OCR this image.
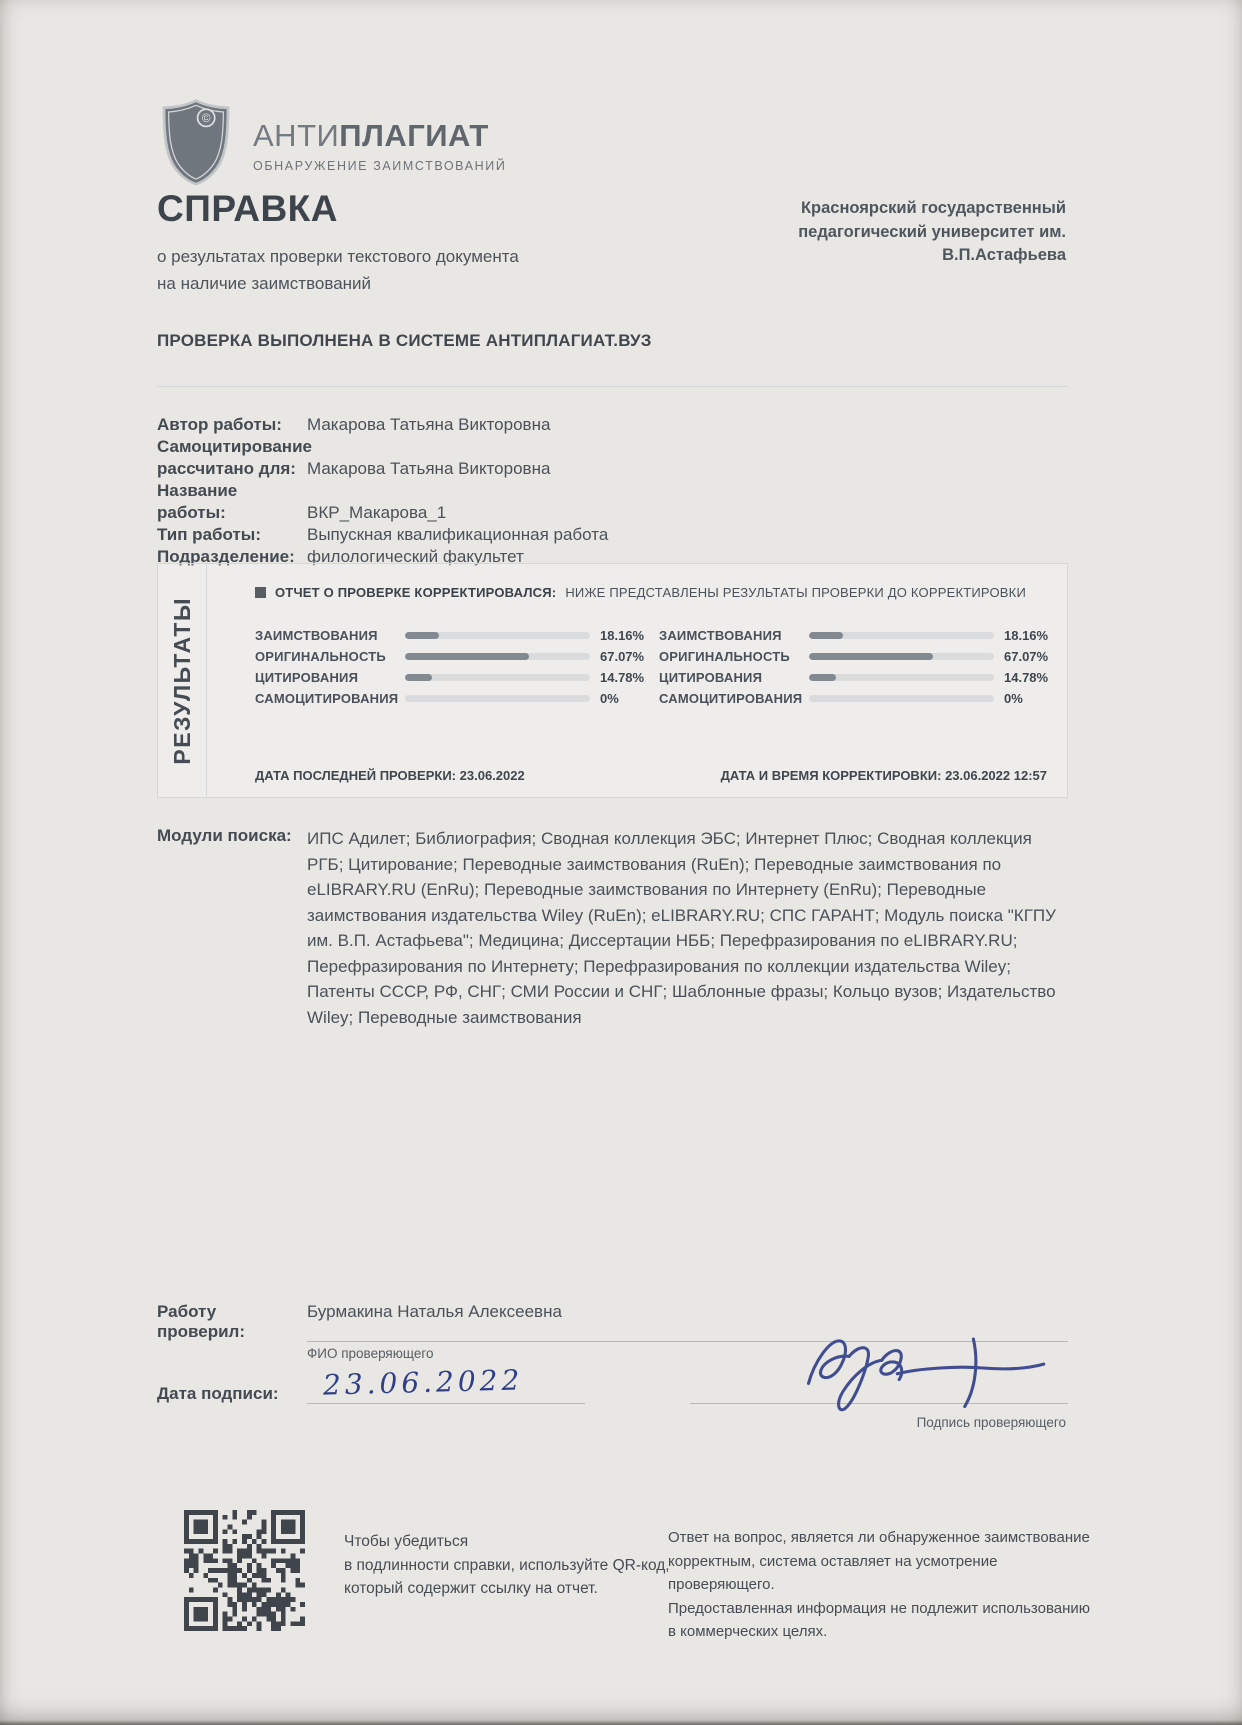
© АНТИПЛАГИАТ
ОБНАРУЖЕНИЕ ЗАИМСТВОВАНИЙ
СПРАВКА	Красноярский государственный
педагогический университет им.
В.П.Астафьева
о результатах проверки текстового документа
на наличие заимствований
ПРОВЕРКА ВЫПОЛНЕНА В СИСТЕМЕ АНТИПЛАГИАТ.ВУЗ
Автор работы:	Макарова Татьяна Викторовна
Самоцитирование рассчитано для: Макарова Татьяна Викторовна
Название работы:	ВКР_Макарова_1
Тип работы:	Выпускная квалификационная работа
Подразделение: филологический факультет
РЕЗУЛЬТАТЫ
ОТЧЕТ О ПРОВЕРКЕ КОРРЕКТИРОВАЛСЯ: НИЖЕ ПРЕДСТАВЛЕНЫ РЕЗУЛЬТАТЫ ПРОВЕРКИ ДО КОРРЕКТИРОВКИ
ЗАИМСТВОВАНИЯ	18.16%
ОРИГИНАЛЬНОСТЬ	67.07%
ЦИТИРОВАНИЯ	14.78%
САМОЦИТИРОВАНИЯ	0%
ЗАИМСТВОВАНИЯ	18.16%
ОРИГИНАЛЬНОСТЬ	67.07%
ЦИТИРОВАНИЯ	14.78%
САМОЦИТИРОВАНИЯ	0%
ДАТА ПОСЛЕДНЕЙ ПРОВЕРКИ: 23.06.2022	ДАТА И ВРЕМЯ КОРРЕКТИРОВКИ: 23.06.2022 12:57
Модули поиска: ИПС Адилет; Библиография; Сводная коллекция ЭБС; Интернет Плюс; Сводная коллекция РГБ; Цитирование; Переводные заимствования (RuEn); Переводные заимствования по eLIBRARY.RU (EnRu); Переводные заимствования по Интернету (EnRu); Переводные заимствования издательства Wiley (RuEn); eLIBRARY.RU; СПС ГАРАНТ; Модуль поиска "КГПУ им. В.П. Астафьева"; Медицина; Диссертации НББ; Перефразирования по eLIBRARY.RU; Перефразирования по Интернету; Перефразирования по коллекции издательства Wiley; Патенты СССР, РФ, СНГ; СМИ России и СНГ; Шаблонные фразы; Кольцо вузов; Издательство Wiley; Переводные заимствования
Работу проверил:
Бурмакина Наталья Алексеевна
ФИО проверяющего
Дата подписи:	23.06.2022
Подпись проверяющего
Чтобы убедиться
в подлинности справки, используйте QR-код,
который содержит ссылку на отчет.
Ответ на вопрос, является ли обнаруженное заимствование
корректным, система оставляет на усмотрение проверяющего.
Предоставленная информация не подлежит использованию
в коммерческих целях.
